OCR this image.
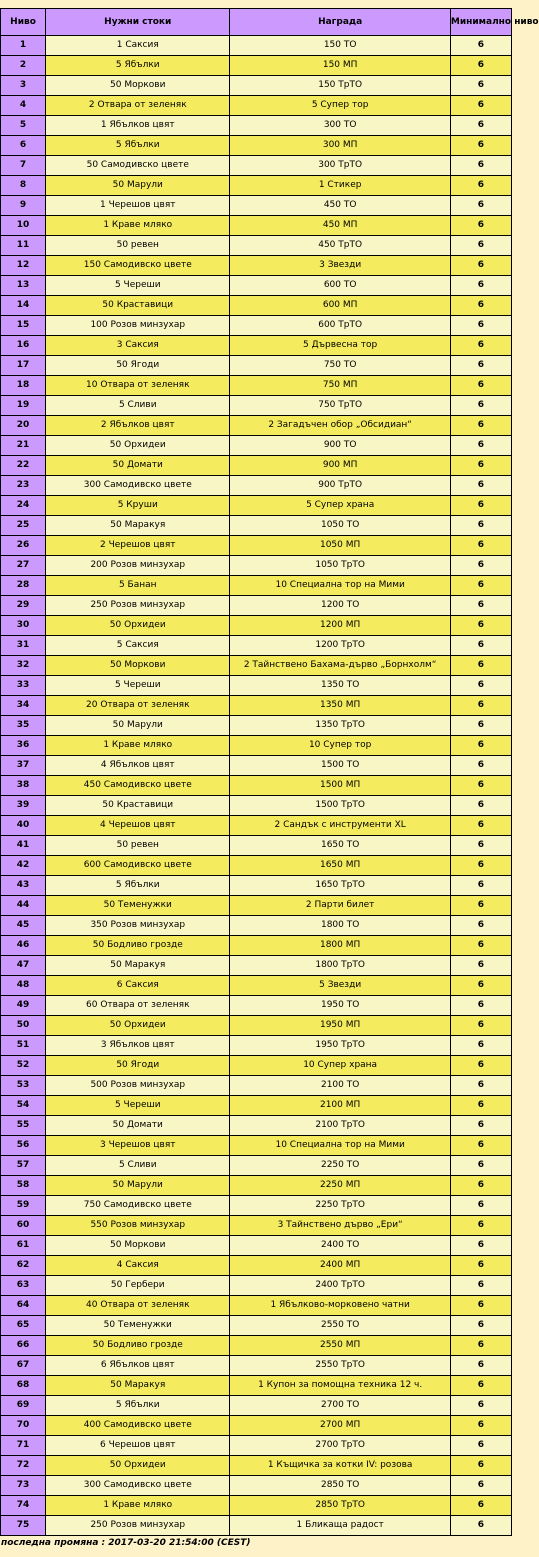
Ниво	Нужни стоки	Награда	Минимално ниво
1	1 Саксия	150 ТО	6
2	5 Ябълки	150 МП	6
3	50 Моркови	150 ТрТО	6
4	2 Отвара от зеленяк	5 Супер тор	6
5	1 Ябълков цвят	300 ТО	6
6	5 Ябълки	300 МП	6
7	50 Самодивско цвете	300 ТрТО	6
8	50 Марули	1 Стикер	6
9	1 Черешов цвят	450 ТО	6
10	1 Краве мляко	450 МП	6
11	50 ревен	450 ТрТО	6
12	150 Самодивско цвете	3 Звезди	6
13	5 Череши	600 ТО	6
14	50 Краставици	600 МП	6
15	100 Розов минзухар	600 ТрТО	6
16	3 Саксия	5 Дървесна тор	6
17	50 Ягоди	750 ТО	6
18	10 Отвара от зеленяк	750 МП	6
19	5 Сливи	750 ТрТО	6
20	2 Ябълков цвят	2 Загадъчен обор „Обсидиан“	6
21	50 Орхидеи	900 ТО	6
22	50 Домати	900 МП	6
23	300 Самодивско цвете	900 ТрТО	6
24	5 Круши	5 Супер храна	6
25	50 Маракуя	1050 ТО	6
26	2 Черешов цвят	1050 МП	6
27	200 Розов минзухар	1050 ТрТО	6
28	5 Банан	10 Специална тор на Мими	6
29	250 Розов минзухар	1200 ТО	6
30	50 Орхидеи	1200 МП	6
31	5 Саксия	1200 ТрТО	6
32	50 Моркови	2 Тайнствено Бахама-дърво „Борнхолм“	6
33	5 Череши	1350 ТО	6
34	20 Отвара от зеленяк	1350 МП	6
35	50 Марули	1350 ТрТО	6
36	1 Краве мляко	10 Супер тор	6
37	4 Ябълков цвят	1500 ТО	6
38	450 Самодивско цвете	1500 МП	6
39	50 Краставици	1500 ТрТО	6
40	4 Черешов цвят	2 Сандък с инструменти XL	6
41	50 ревен	1650 ТО	6
42	600 Самодивско цвете	1650 МП	6
43	5 Ябълки	1650 ТрТО	6
44	50 Теменужки	2 Парти билет	6
45	350 Розов минзухар	1800 ТО	6
46	50 Бодливо грозде	1800 МП	6
47	50 Маракуя	1800 ТрТО	6
48	6 Саксия	5 Звезди	6
49	60 Отвара от зеленяк	1950 ТО	6
50	50 Орхидеи	1950 МП	6
51	3 Ябълков цвят	1950 ТрТО	6
52	50 Ягоди	10 Супер храна	6
53	500 Розов минзухар	2100 ТО	6
54	5 Череши	2100 МП	6
55	50 Домати	2100 ТрТО	6
56	3 Черешов цвят	10 Специална тор на Мими	6
57	5 Сливи	2250 ТО	6
58	50 Марули	2250 МП	6
59	750 Самодивско цвете	2250 ТрТО	6
60	550 Розов минзухар	3 Тайнствено дърво „Ери“	6
61	50 Моркови	2400 ТО	6
62	4 Саксия	2400 МП	6
63	50 Гербери	2400 ТрТО	6
64	40 Отвара от зеленяк	1 Ябълково-морковено чатни	6
65	50 Теменужки	2550 ТО	6
66	50 Бодливо грозде	2550 МП	6
67	6 Ябълков цвят	2550 ТрТО	6
68	50 Маракуя	1 Купон за помощна техника 12 ч.	6
69	5 Ябълки	2700 ТО	6
70	400 Самодивско цвете	2700 МП	6
71	6 Черешов цвят	2700 ТрТО	6
72	50 Орхидеи	1 Къщичка за котки IV: розова	6
73	300 Самодивско цвете	2850 ТО	6
74	1 Краве мляко	2850 ТрТО	6
75	250 Розов минзухар	1 Бликаща радост	6
последна промяна : 2017-03-20 21:54:00 (CEST)
